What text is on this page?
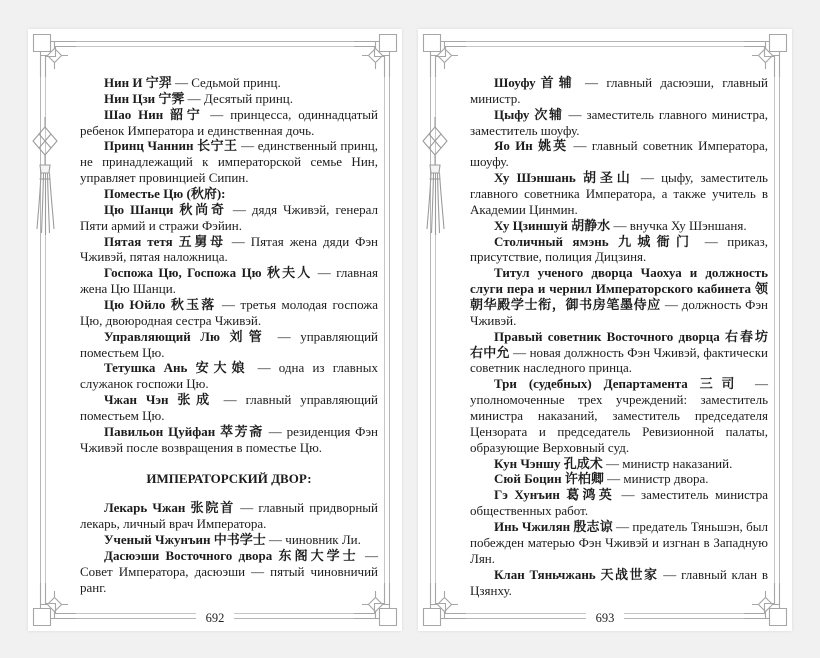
Нин И 宁羿 — Седьмой принц.

Нин Цзи 宁霁 — Десятый принц.

Шао Нин 韶宁 — принцесса, одиннадцатый ребенок Императора и единственная дочь.

Принц Чаннин 长宁王 — единственный принц, не принадлежащий к императорской семье Нин, управляет провинцией Сипин.

Поместье Цю (秋府):

Цю Шанци 秋尚奇 — дядя Чживэй, генерал Пяти армий и стражи Фэйин.

Пятая тетя 五舅母 — Пятая жена дяди Фэн Чживэй, пятая наложница.

Госпожа Цю, Госпожа Цю 秋夫人 — главная жена Цю Шанци.

Цю Юйло 秋玉落 — третья молодая госпожа Цю, двоюродная сестра Чживэй.

Управляющий Лю 刘管 — управляющий поместьем Цю.

Тетушка Ань 安大娘 — одна из главных служанок госпожи Цю.

Чжан Чэн 张成 — главный управляющий поместьем Цю.

Павильон Цуйфан 萃芳斋 — резиденция Фэн Чживэй после возвращения в поместье Цю.

ИМПЕРАТОРСКИЙ ДВОР:

Лекарь Чжан 张院首 — главный придворный лекарь, личный врач Императора.

Ученый Чжунъин 中书学士 — чиновник Ли.

Дасюэши Восточного двора 东阁大学士 — Совет Императора, дасюэши — пятый чиновничий ранг.

692

Шоуфу首辅 — главный дасюэши, главный министр.

Цыфу 次辅 — заместитель главного министра, заместитель шоуфу.

Яо Ин 姚英 — главный советник Императора, шоуфу.

Ху Шэншань 胡圣山 — цыфу, заместитель главного советника Императора, а также учитель в Академии Цинмин.

Ху Цзиншуй 胡静水 — внучка Ху Шэншаня.

Столичный ямэнь 九城衙门 — приказ, присутствие, полиция Дицзиня.

Титул ученого дворца Чаохуа и должность слуги пера и чернил Императорского кабинета 领朝华殿学士衔，御书房笔墨侍应 — должность Фэн Чживэй.

Правый советник Восточного дворца 右春坊右中允 — новая должность Фэн Чживэй, фактически советник наследного принца.

Три (судебных) Департамента 三司 — уполномоченные трех учреждений: заместитель министра наказаний, заместитель председателя Цензората и председатель Ревизионной палаты, образующие Верховный суд.

Кун Чэншу 孔成术 — министр наказаний.

Сюй Боцин 许柏卿 — министр двора.

Гэ Хунъин 葛鸿英 — заместитель министра общественных работ.

Инь Чжилян 殷志谅 — предатель Тяньшэн, был побежден матерью Фэн Чживэй и изгнан в Западную Лян.

Клан Тяньчжань 天战世家 — главный клан в Цзянху.

693
